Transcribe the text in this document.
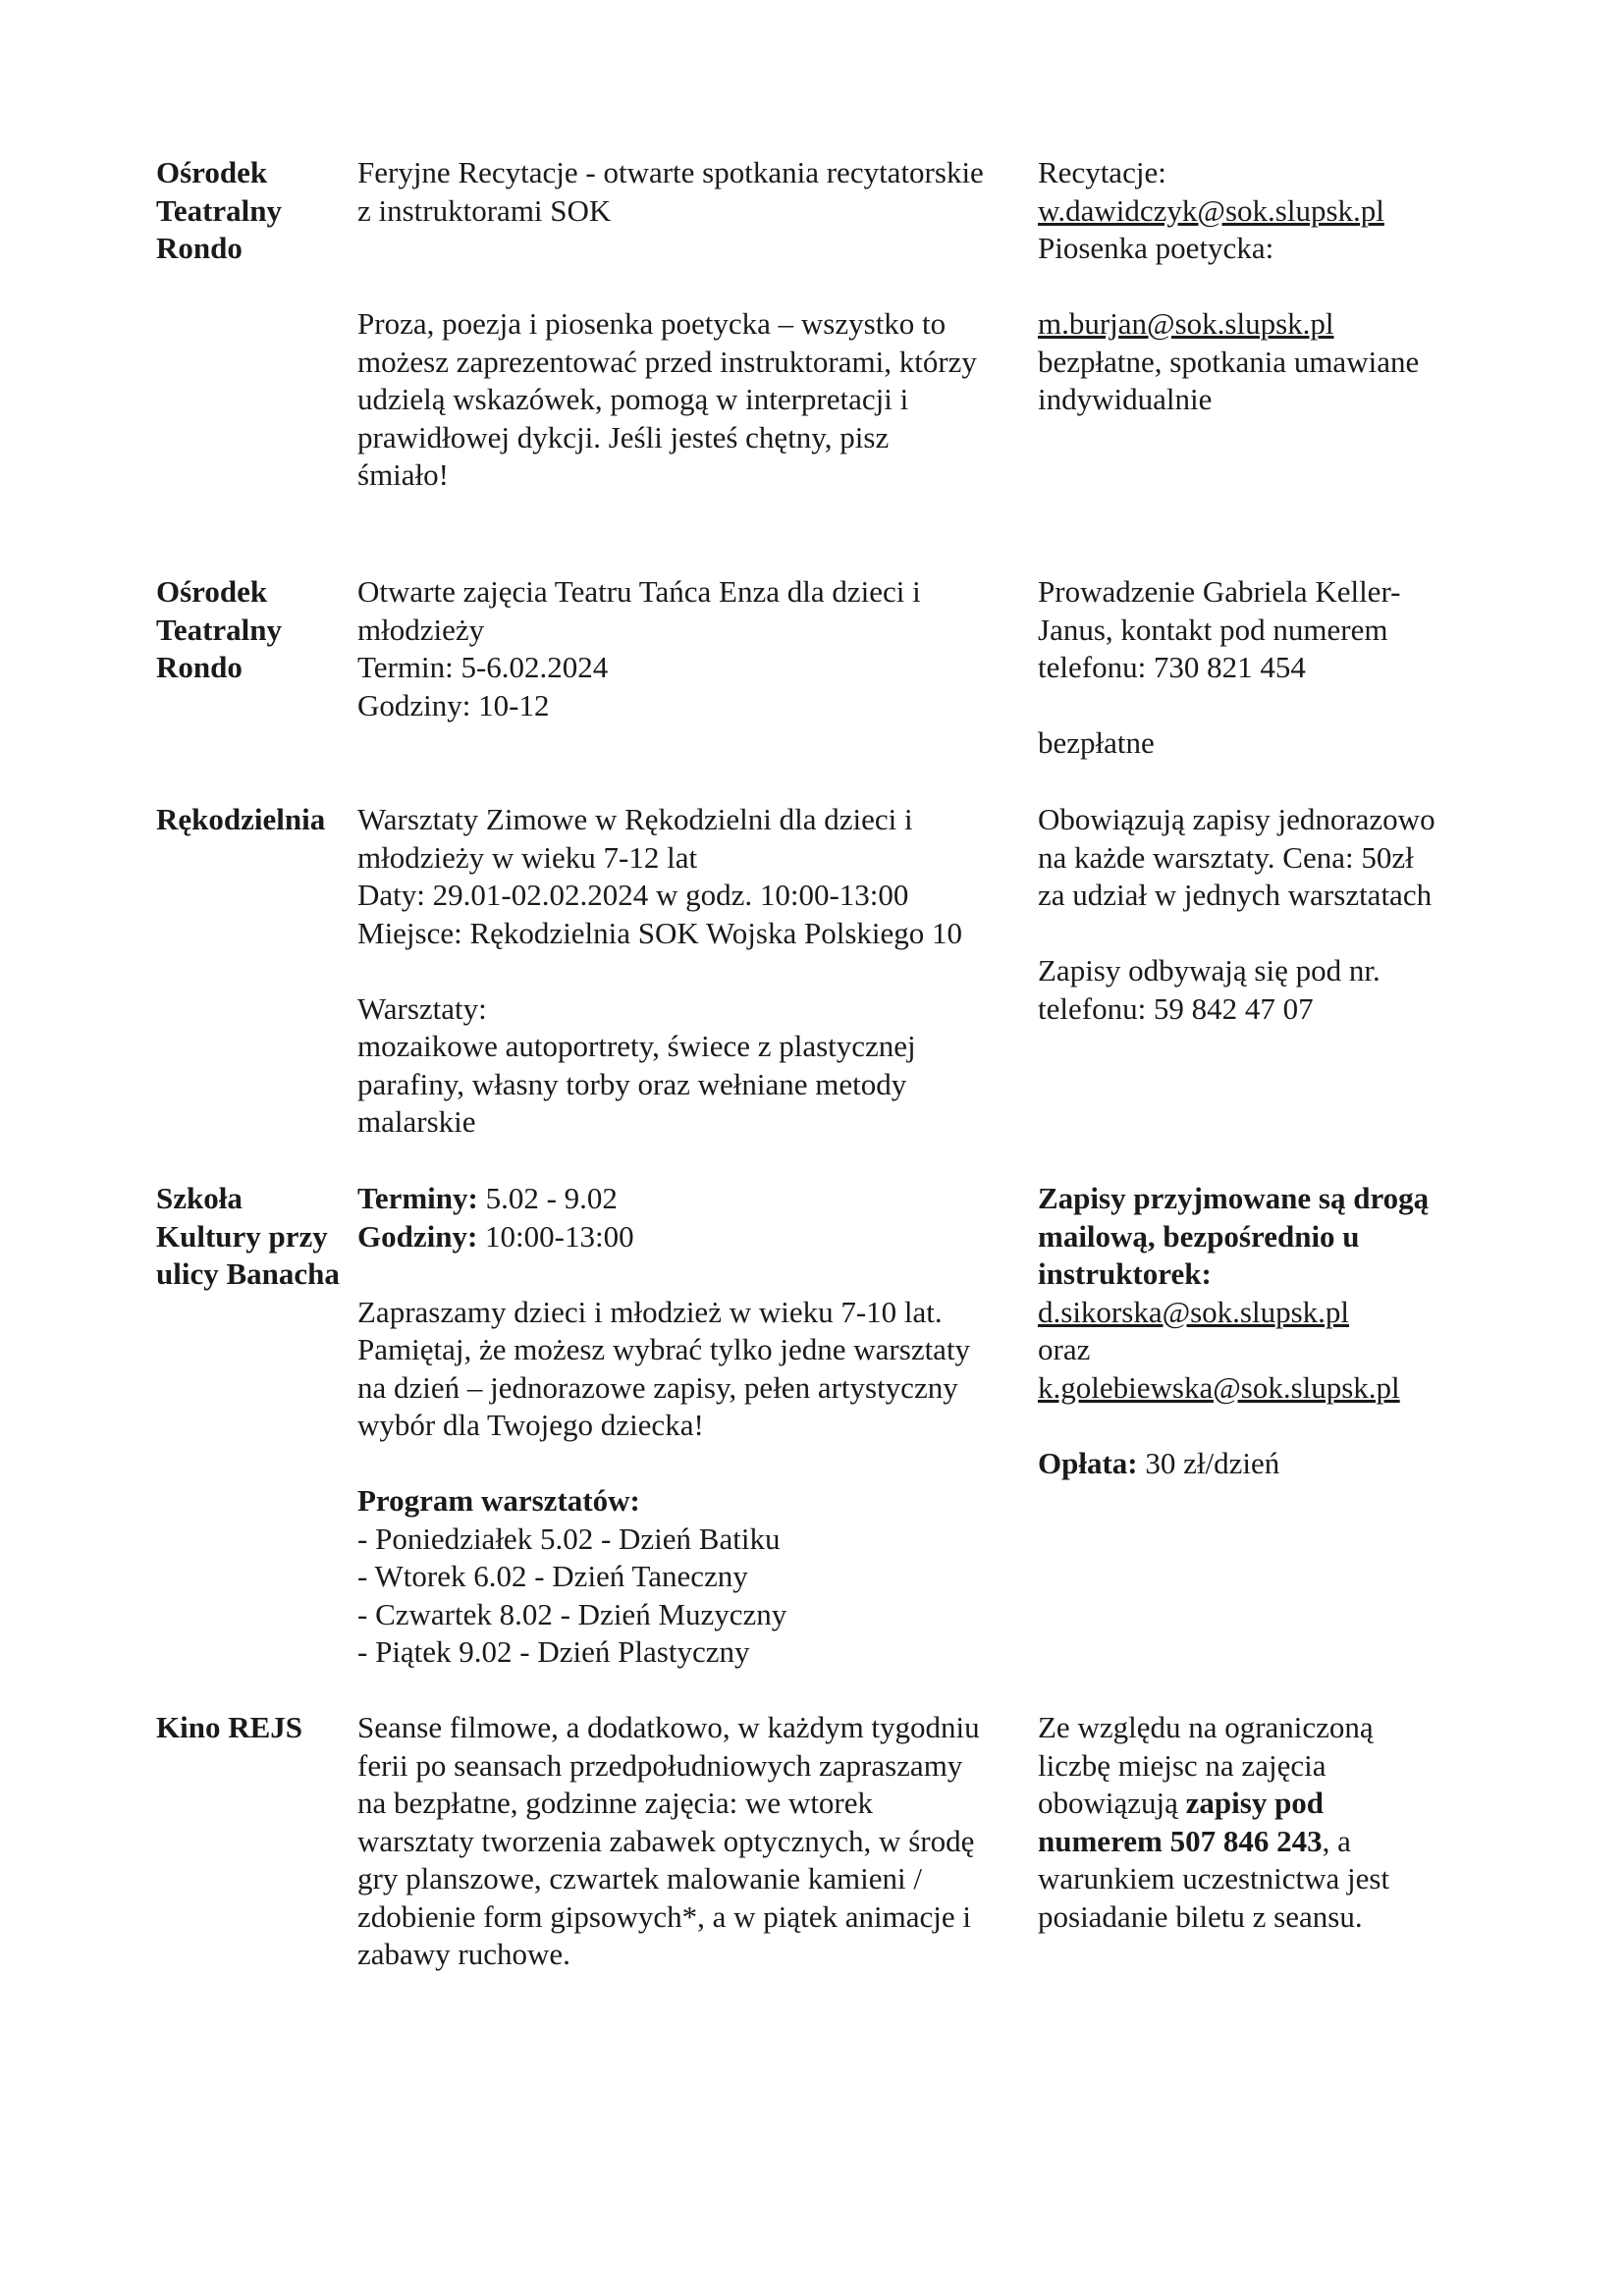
Ośrodek
Teatralny
Rondo
Feryjne Recytacje - otwarte spotkania recytatorskie
z instruktorami SOK
Proza, poezja i piosenka poetycka – wszystko to
możesz zaprezentować przed instruktorami, którzy
udzielą wskazówek, pomogą w interpretacji i
prawidłowej dykcji. Jeśli jesteś chętny, pisz
śmiało!
Recytacje:
w.dawidczyk@sok.slupsk.pl
Piosenka poetycka:
m.burjan@sok.slupsk.pl
bezpłatne, spotkania umawiane
indywidualnie
Ośrodek
Teatralny
Rondo
Otwarte zajęcia Teatru Tańca Enza dla dzieci i
młodzieży
Termin: 5-6.02.2024
Godziny: 10-12
Prowadzenie Gabriela Keller-
Janus, kontakt pod numerem
telefonu: 730 821 454
bezpłatne
Rękodzielnia	Warsztaty Zimowe w Rękodzielni dla dzieci i
młodzieży w wieku 7-12 lat
Daty: 29.01-02.02.2024 w godz. 10:00-13:00
Miejsce: Rękodzielnia SOK Wojska Polskiego 10
Warsztaty:
mozaikowe autoportrety, świece z plastycznej
parafiny, własny torby oraz wełniane metody
malarskie
Obowiązują zapisy jednorazowo
na każde warsztaty. Cena: 50zł
za udział w jednych warsztatach
Zapisy odbywają się pod nr.
telefonu: 59 842 47 07
Szkoła
Kultury przy
ulicy Banacha
Terminy: 5.02 - 9.02
Godziny: 10:00-13:00
Zapraszamy dzieci i młodzież w wieku 7-10 lat.
Pamiętaj, że możesz wybrać tylko jedne warsztaty
na dzień – jednorazowe zapisy, pełen artystyczny
wybór dla Twojego dziecka!
Program warsztatów:
- Poniedziałek 5.02 - Dzień Batiku
- Wtorek 6.02 - Dzień Taneczny
- Czwartek 8.02 - Dzień Muzyczny
- Piątek 9.02 - Dzień Plastyczny
Zapisy przyjmowane są drogą
mailową, bezpośrednio u
instruktorek:
d.sikorska@sok.slupsk.pl
oraz
k.golebiewska@sok.slupsk.pl
Opłata: 30 zł/dzień
Kino REJS	Seanse filmowe, a dodatkowo, w każdym tygodniu
ferii po seansach przedpołudniowych zapraszamy
na bezpłatne, godzinne zajęcia: we wtorek
warsztaty tworzenia zabawek optycznych, w środę
gry planszowe, czwartek malowanie kamieni /
zdobienie form gipsowych*, a w piątek animacje i
zabawy ruchowe.
Ze względu na ograniczoną
liczbę miejsc na zajęcia
obowiązują zapisy pod
numerem 507 846 243, a
warunkiem uczestnictwa jest
posiadanie biletu z seansu.
